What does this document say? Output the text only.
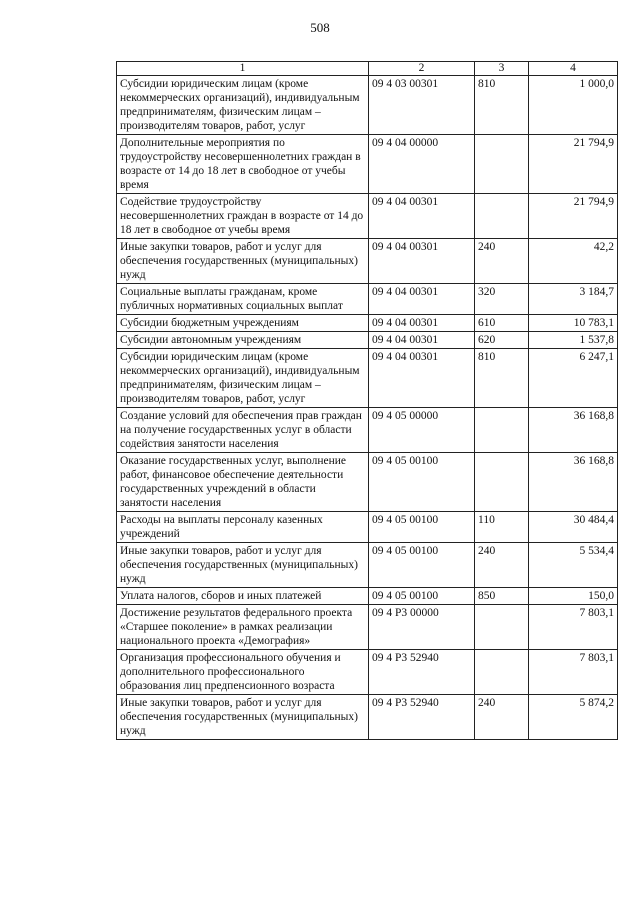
508
1	2	3	4
Субсидии юридическим лицам (кроме некоммерческих организаций), индивидуальным предпринимателям, физическим лицам – производителям товаров, работ, услуг	09 4 03 00301	810	1 000,0
Дополнительные мероприятия по трудоустройству несовершеннолетних граждан в возрасте от 14 до 18 лет в свободное от учебы время	09 4 04 00000		21 794,9
Содействие трудоустройству несовершеннолетних граждан в возрасте от 14 до 18 лет в свободное от учебы время	09 4 04 00301		21 794,9
Иные закупки товаров, работ и услуг для обеспечения государственных (муниципальных) нужд	09 4 04 00301	240	42,2
Социальные выплаты гражданам, кроме публичных нормативных социальных выплат	09 4 04 00301	320	3 184,7
Субсидии бюджетным учреждениям	09 4 04 00301	610	10 783,1
Субсидии автономным учреждениям	09 4 04 00301	620	1 537,8
Субсидии юридическим лицам (кроме некоммерческих организаций), индивидуальным предпринимателям, физическим лицам – производителям товаров, работ, услуг	09 4 04 00301	810	6 247,1
Создание условий для обеспечения прав граждан на получение государственных услуг в области содействия занятости населения	09 4 05 00000		36 168,8
Оказание государственных услуг, выполнение работ, финансовое обеспечение деятельности государственных учреждений в области занятости населения	09 4 05 00100		36 168,8
Расходы на выплаты персоналу казенных учреждений	09 4 05 00100	110	30 484,4
Иные закупки товаров, работ и услуг для обеспечения государственных (муниципальных) нужд	09 4 05 00100	240	5 534,4
Уплата налогов, сборов и иных платежей	09 4 05 00100	850	150,0
Достижение результатов федерального проекта «Старшее поколение» в рамках реализации национального проекта «Демография»	09 4 P3 00000		7 803,1
Организация профессионального обучения и дополнительного профессионального образования лиц предпенсионного возраста	09 4 P3 52940		7 803,1
Иные закупки товаров, работ и услуг для обеспечения государственных (муниципальных) нужд	09 4 P3 52940	240	5 874,2
